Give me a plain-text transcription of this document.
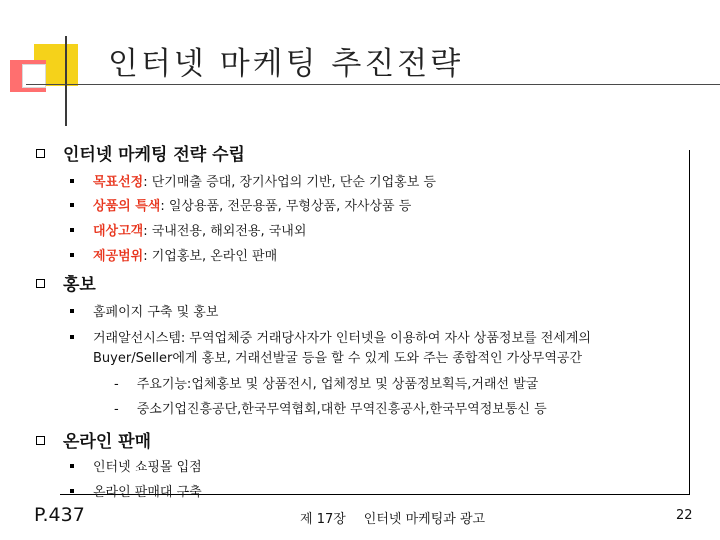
인터넷 마케팅 추진전략
인터넷 마케팅 전략 수립
목표선정: 단기매출 증대, 장기사업의 기반, 단순 기업홍보 등
상품의 특색: 일상용품, 전문용품, 무형상품, 자사상품 등
대상고객: 국내전용, 해외전용, 국내외
제공범위: 기업홍보, 온라인 판매
홍보
홈페이지 구축 및 홍보
거래알선시스템: 무역업체중 거래당사자가 인터넷을 이용하여 자사 상품정보를 전세계의
Buyer/Seller에게 홍보, 거래선발굴 등을 할 수 있게 도와 주는 종합적인 가상무역공간
- 주요기능:업체홍보 및 상품전시, 업체정보 및 상품정보획득,거래선 발굴
- 중소기업진흥공단,한국무역협회,대한 무역진흥공사,한국무역정보통신 등
온라인 판매
인터넷 쇼핑몰 입점
온라인 판매대 구축
P.437	제 17장 인터넷 마케팅과 광고	22
